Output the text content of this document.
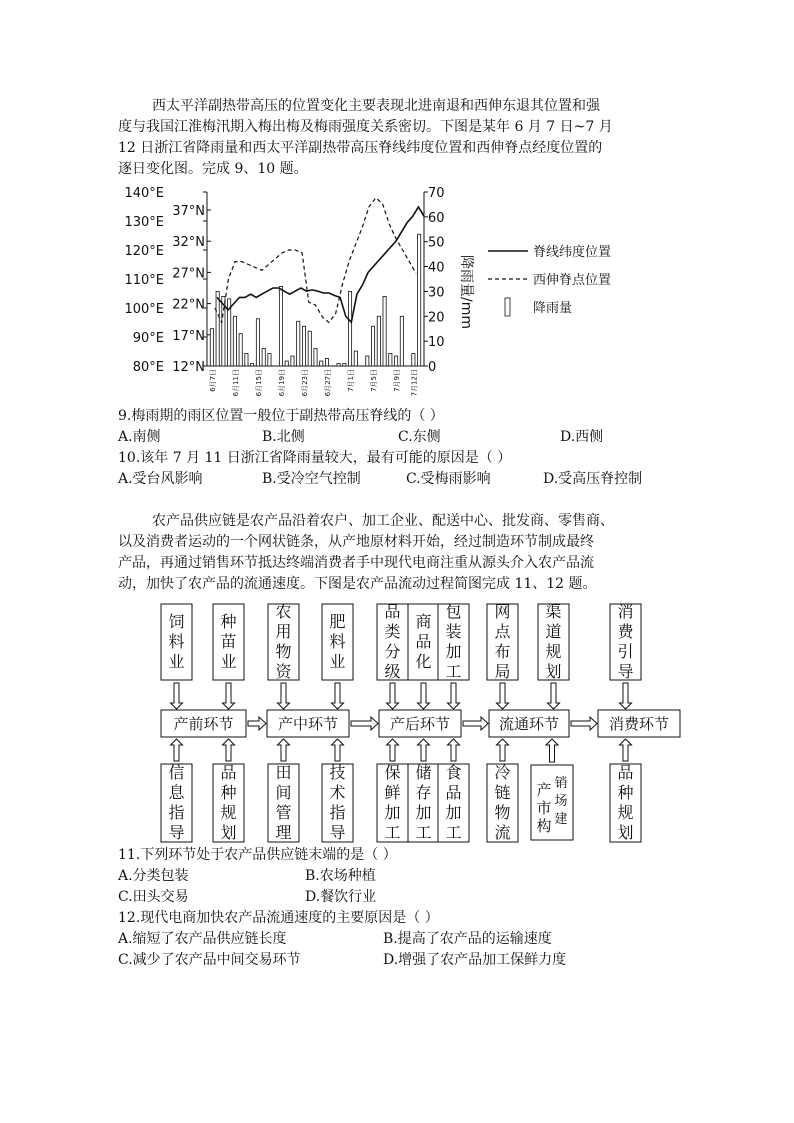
西太平洋副热带高压的位置变化主要表现北进南退和西伸东退其位置和强

度与我国江淮梅汛期入梅出梅及梅雨强度关系密切。下图是某年 6 月 7 日~7 月

12 日浙江省降雨量和西太平洋副热带高压脊线纬度位置和西伸脊点经度位置的

逐日变化图。完成 9、10 题。

140°E
130°E
120°E
110°E
100°E
90°E
80°E
37°N
32°N
27°N
22°N
17°N
12°N
70
60
50
40
30
20
10
0
6月7日 6月11日 6月15日 6月19日 6月23日 6月27日 7月1日 7月5日 7月9日 7月12日
降雨量/mm
脊线纬度位置
西伸脊点位置
降雨量
9.梅雨期的雨区位置一般位于副热带高压脊线的（ ）
A.南侧	B.北侧	C.东侧	D.西侧
10.该年 7 月 11 日浙江省降雨量较大，最有可能的原因是（ ）
A.受台风影响	B.受冷空气控制	C.受梅雨影响	D.受高压脊控制

农产品供应链是农产品沿着农户、加工企业、配送中心、批发商、零售商、

以及消费者运动的一个网状链条，从产地原材料开始，经过制造环节制成最终

产品，再通过销售环节抵达终端消费者手中现代电商注重从源头介入农产品流

动，加快了农产品的流通速度。下图是农产品流动过程简图完成 11、12 题。

饲
料
业
种
苗
业
农
用
物
资
肥
料
业
品
类
分
级
商
品
化
包
装
加
工
网
点
布
局
渠
道
规
划
消
费
引
导
产前环节	产中环节	产后环节	流通环节	消费环节
信
息
指
导
品
种
规
划
田
间
管
理
技
术
指
导
保
鲜
加
工
储
存
加
工
食
品
加
工
冷
链
物
流
产
市
构
销
场
建
品
种
规
划
11.下列环节处于农产品供应链末端的是（ ）
A.分类包装	B.农场种植
C.田头交易	D.餐饮行业
12.现代电商加快农产品流通速度的主要原因是（ ）
A.缩短了农产品供应链长度	B.提高了农产品的运输速度
C.减少了农产品中间交易环节	D.增强了农产品加工保鲜力度
